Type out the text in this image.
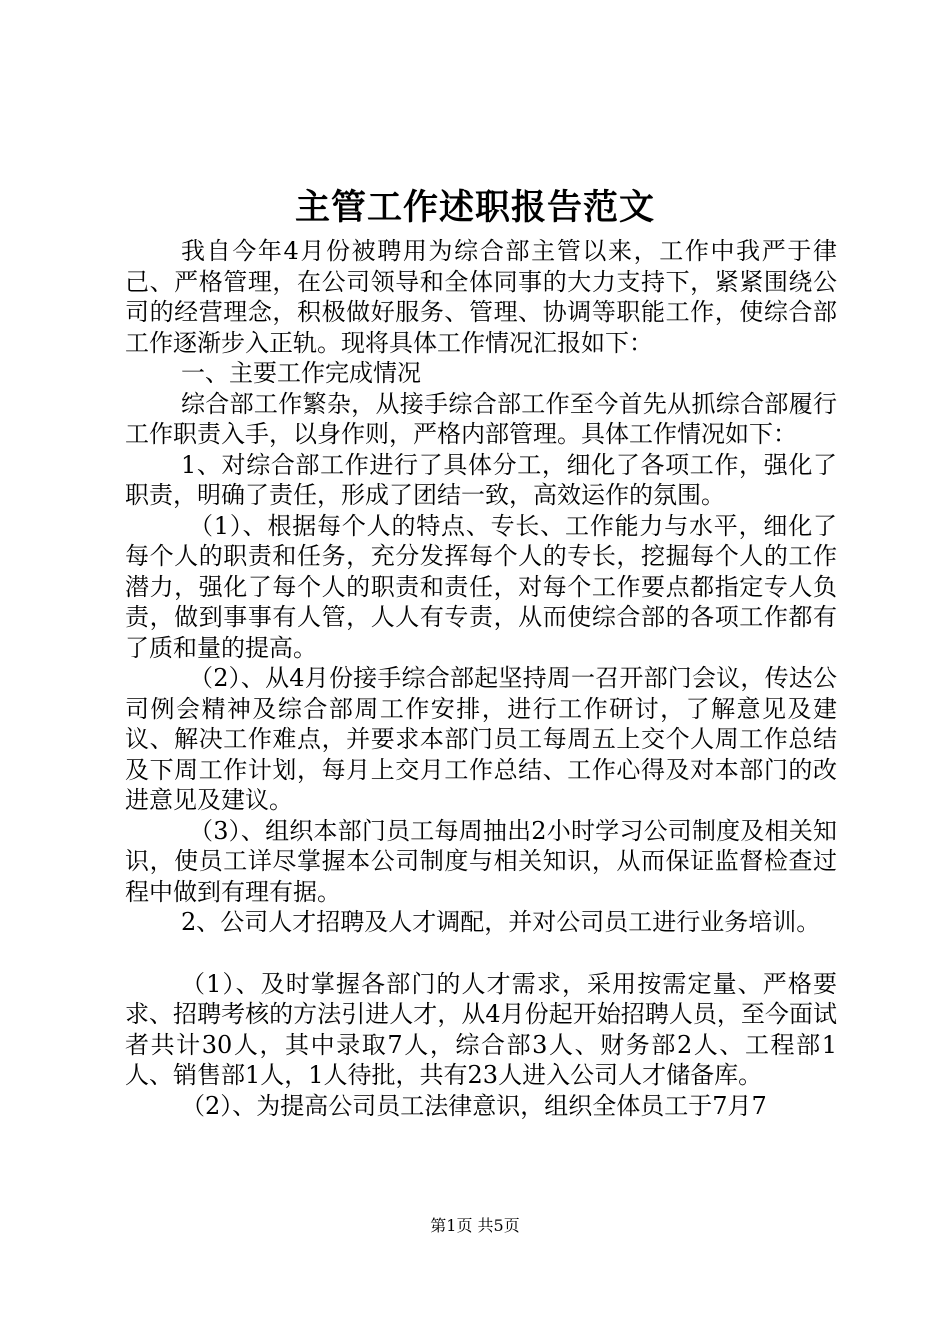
主管工作述职报告范文

我自今年4月份被聘用为综合部主管以来，工作中我严于律己、严格管理，在公司领导和全体同事的大力支持下，紧紧围绕公司的经营理念，积极做好服务、管理、协调等职能工作，使综合部工作逐渐步入正轨。现将具体工作情况汇报如下：

一、主要工作完成情况

综合部工作繁杂，从接手综合部工作至今首先从抓综合部履行工作职责入手，以身作则，严格内部管理。具体工作情况如下：

1、对综合部工作进行了具体分工，细化了各项工作，强化了职责，明确了责任，形成了团结一致，高效运作的氛围。

（1）、根据每个人的特点、专长、工作能力与水平，细化了每个人的职责和任务，充分发挥每个人的专长，挖掘每个人的工作潜力，强化了每个人的职责和责任，对每个工作要点都指定专人负责，做到事事有人管，人人有专责，从而使综合部的各项工作都有了质和量的提高。

（2）、从4月份接手综合部起坚持周一召开部门会议，传达公司例会精神及综合部周工作安排，进行工作研讨，了解意见及建议、解决工作难点，并要求本部门员工每周五上交个人周工作总结及下周工作计划，每月上交月工作总结、工作心得及对本部门的改进意见及建议。

（3）、组织本部门员工每周抽出2小时学习公司制度及相关知识，使员工详尽掌握本公司制度与相关知识，从而保证监督检查过程中做到有理有据。

2、公司人才招聘及人才调配，并对公司员工进行业务培训。

（1）、及时掌握各部门的人才需求，采用按需定量、严格要求、招聘考核的方法引进人才，从4月份起开始招聘人员，至今面试者共计30人，其中录取7人，综合部3人、财务部2人、工程部1人、销售部1人，1人待批，共有23人进入公司人才储备库。

（2）、为提高公司员工法律意识，组织全体员工于7月7

第1页 共5页
